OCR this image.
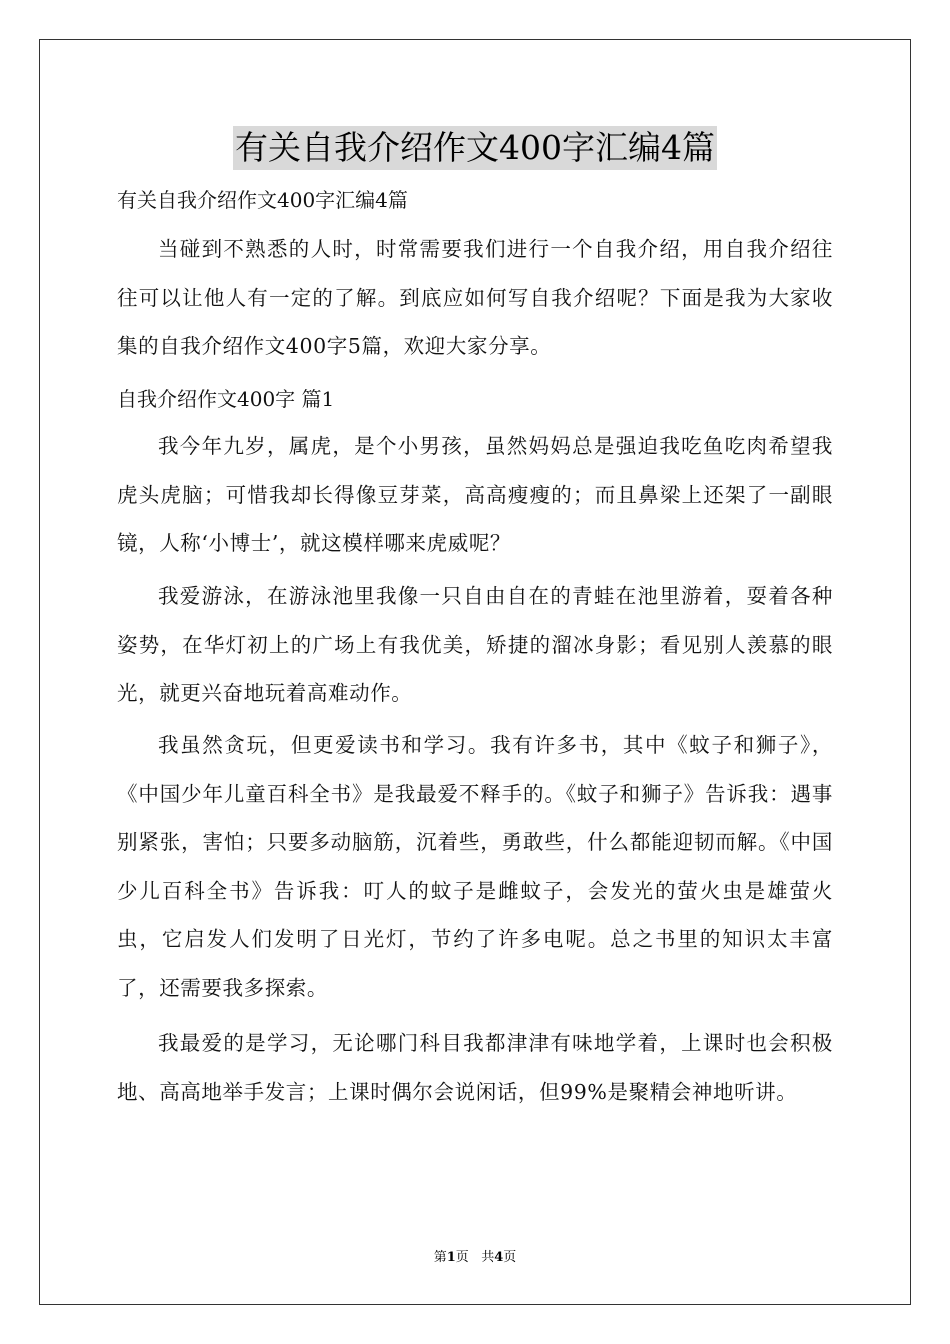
有关自我介绍作文400字汇编4篇
有关自我介绍作文400字汇编4篇

当碰到不熟悉的人时，时常需要我们进行一个自我介绍，用自我介绍往往可以让他人有一定的了解。到底应如何写自我介绍呢？下面是我为大家收集的自我介绍作文400字5篇，欢迎大家分享。

自我介绍作文400字 篇1

我今年九岁，属虎，是个小男孩，虽然妈妈总是强迫我吃鱼吃肉希望我虎头虎脑；可惜我却长得像豆芽菜，高高瘦瘦的；而且鼻梁上还架了一副眼镜，人称‘小博士’，就这模样哪来虎威呢？

我爱游泳，在游泳池里我像一只自由自在的青蛙在池里游着，耍着各种姿势，在华灯初上的广场上有我优美，矫捷的溜冰身影；看见别人羡慕的眼光，就更兴奋地玩着高难动作。

我虽然贪玩，但更爱读书和学习。我有许多书，其中《蚊子和狮子》，《中国少年儿童百科全书》是我最爱不释手的。《蚊子和狮子》告诉我：遇事别紧张，害怕；只要多动脑筋，沉着些，勇敢些，什么都能迎韧而解。《中国少儿百科全书》告诉我：叮人的蚊子是雌蚊子，会发光的萤火虫是雄萤火虫，它启发人们发明了日光灯，节约了许多电呢。总之书里的知识太丰富了，还需要我多探索。

我最爱的是学习，无论哪门科目我都津津有味地学着，上课时也会积极地、高高地举手发言；上课时偶尔会说闲话，但99%是聚精会神地听讲。

第1页 共4页
